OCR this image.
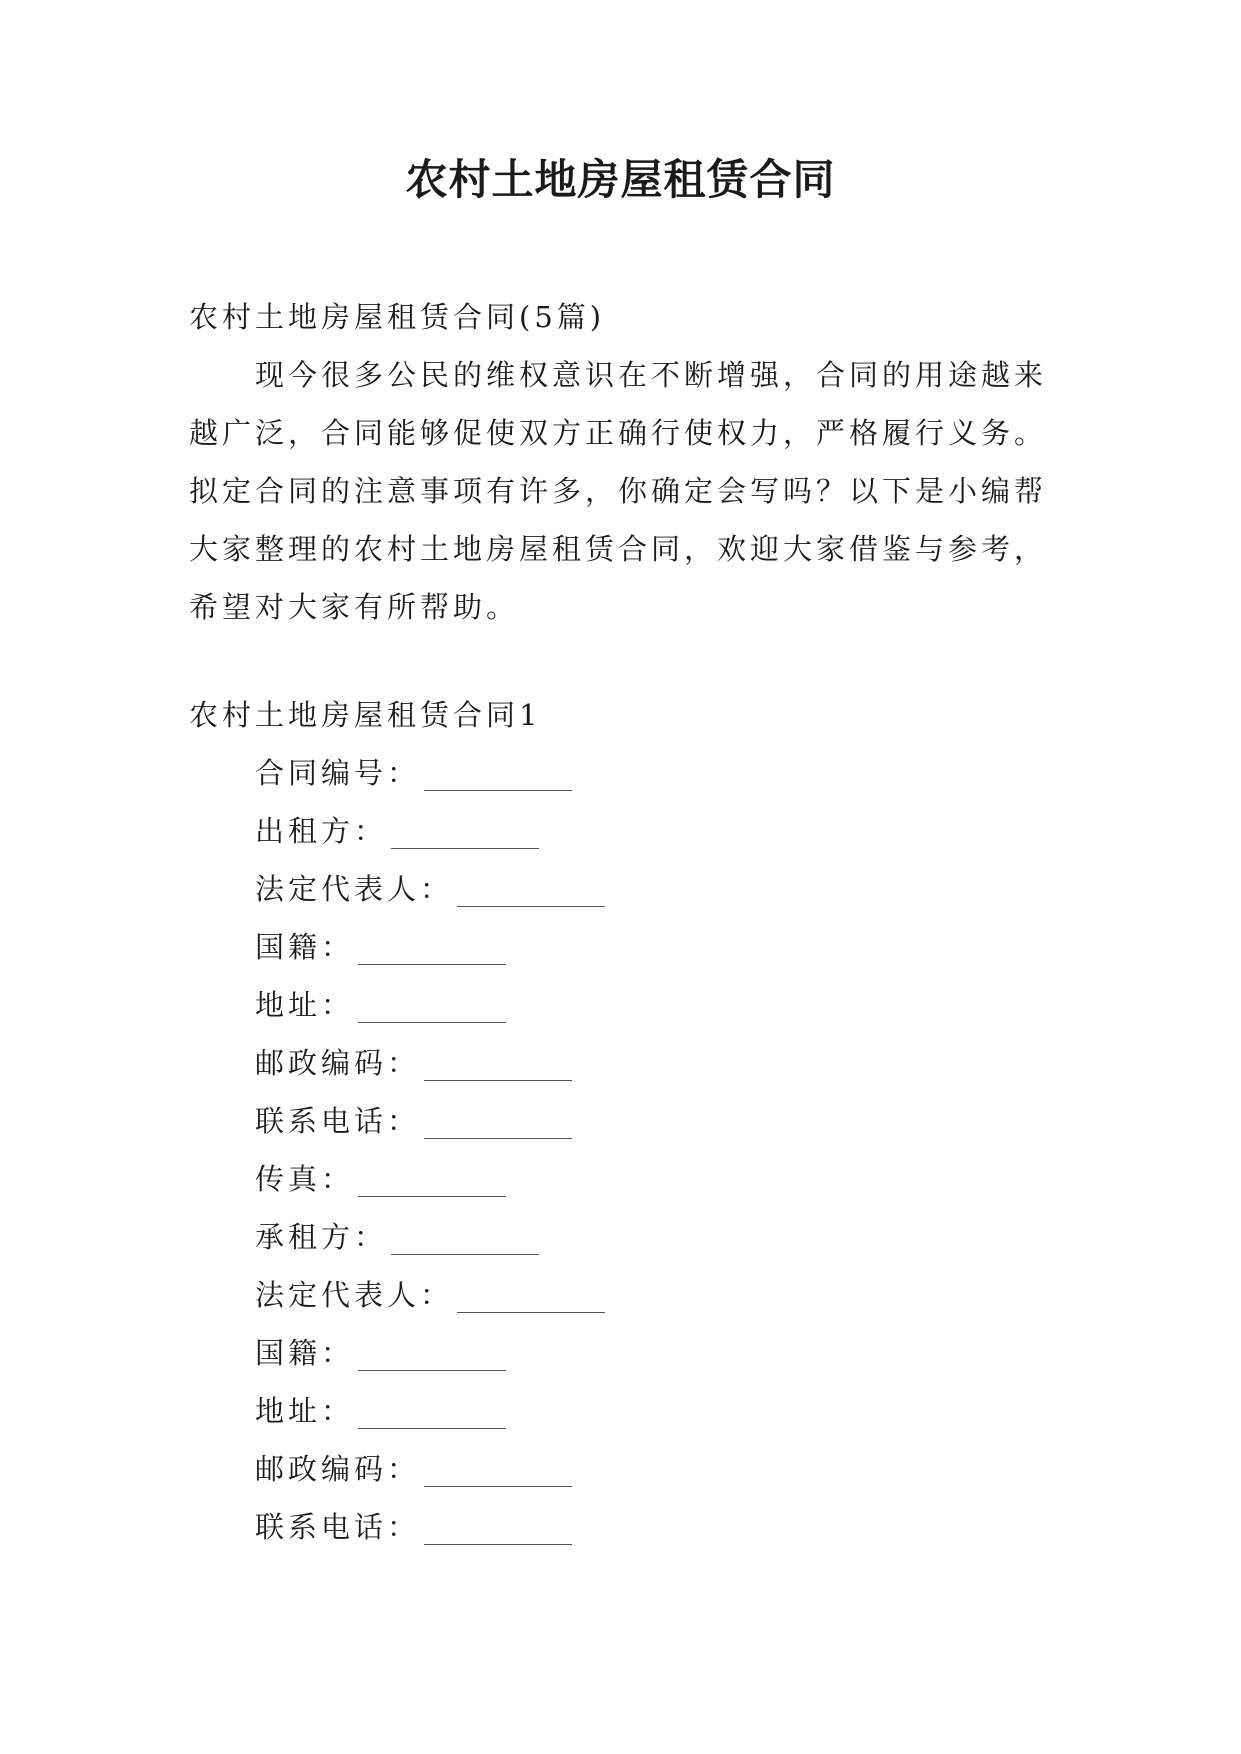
农村土地房屋租赁合同
农村土地房屋租赁合同(5篇)
现今很多公民的维权意识在不断增强，合同的用途越来
越广泛，合同能够促使双方正确行使权力，严格履行义务。
拟定合同的注意事项有许多，你确定会写吗？以下是小编帮
大家整理的农村土地房屋租赁合同，欢迎大家借鉴与参考，
希望对大家有所帮助。
农村土地房屋租赁合同1
合同编号：
出租方：
法定代表人：
国籍：
地址：
邮政编码：
联系电话：
传真：
承租方：
法定代表人：
国籍：
地址：
邮政编码：
联系电话：
